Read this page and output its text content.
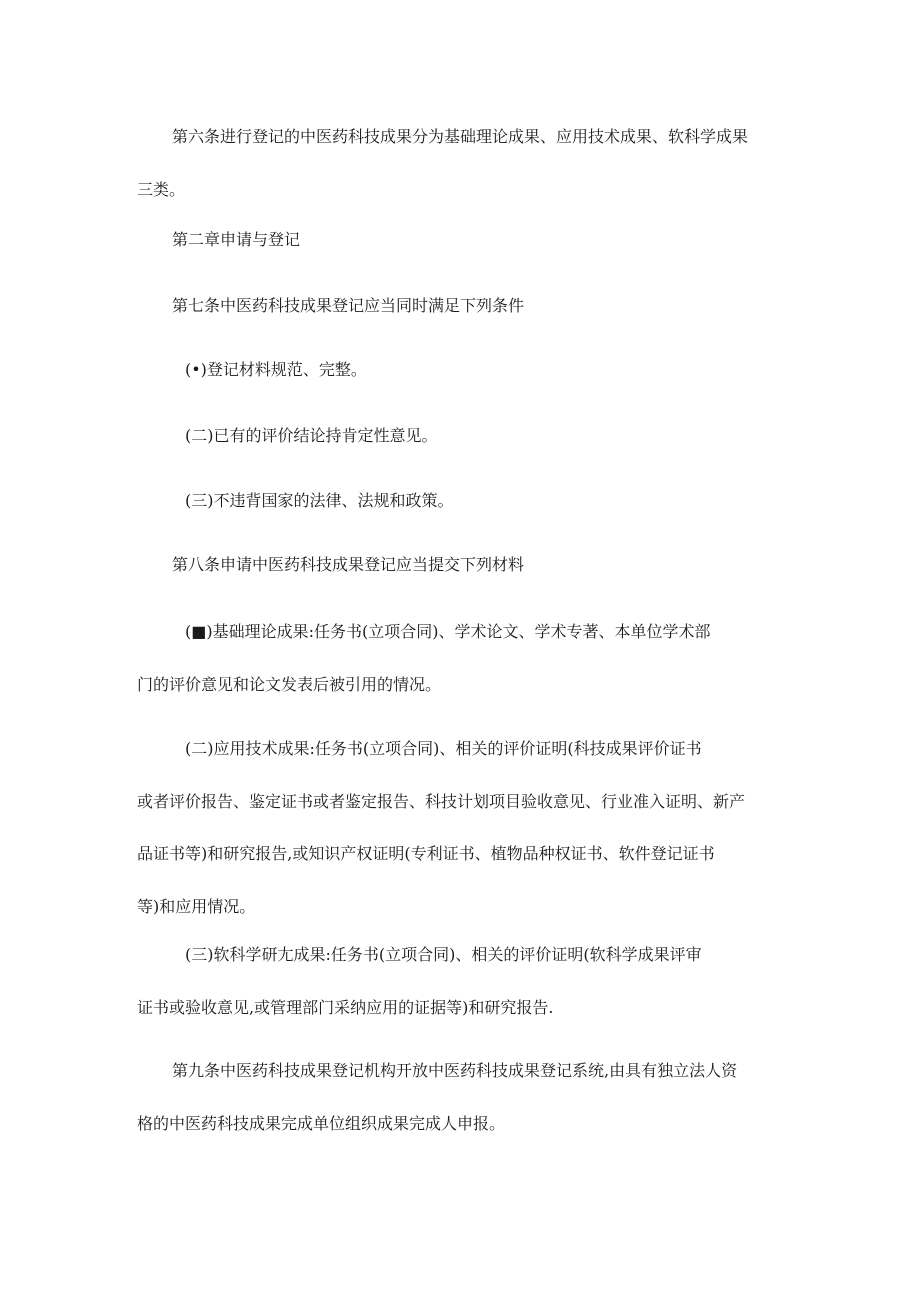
第六条进行登记的中医药科技成果分为基础理论成果、应用技术成果、软科学成果
三类。
第二章申请与登记
第七条中医药科技成果登记应当同时满足下列条件
(•)登记材料规范、完整。
(二)已有的评价结论持肯定性意见。
(三)不违背国家的法律、法规和政策。
第八条申请中医药科技成果登记应当提交下列材料
(■)基础理论成果:任务书(立项合同)、学术论文、学术专著、本单位学术部
门的评价意见和论文发表后被引用的情况。
(二)应用技术成果:任务书(立项合同)、相关的评价证明(科技成果评价证书
或者评价报告、鉴定证书或者鉴定报告、科技计划项目验收意见、行业准入证明、新产
品证书等)和研究报告,或知识产权证明(专利证书、植物品种权证书、软件登记证书
等)和应用情况。
(三)软科学研尢成果:任务书(立项合同)、相关的评价证明(软科学成果评审
证书或验收意见,或管理部门采纳应用的证据等)和研究报告.
第九条中医药科技成果登记机构开放中医药科技成果登记系统,由具有独立法人资
格的中医药科技成果完成单位组织成果完成人申报。
